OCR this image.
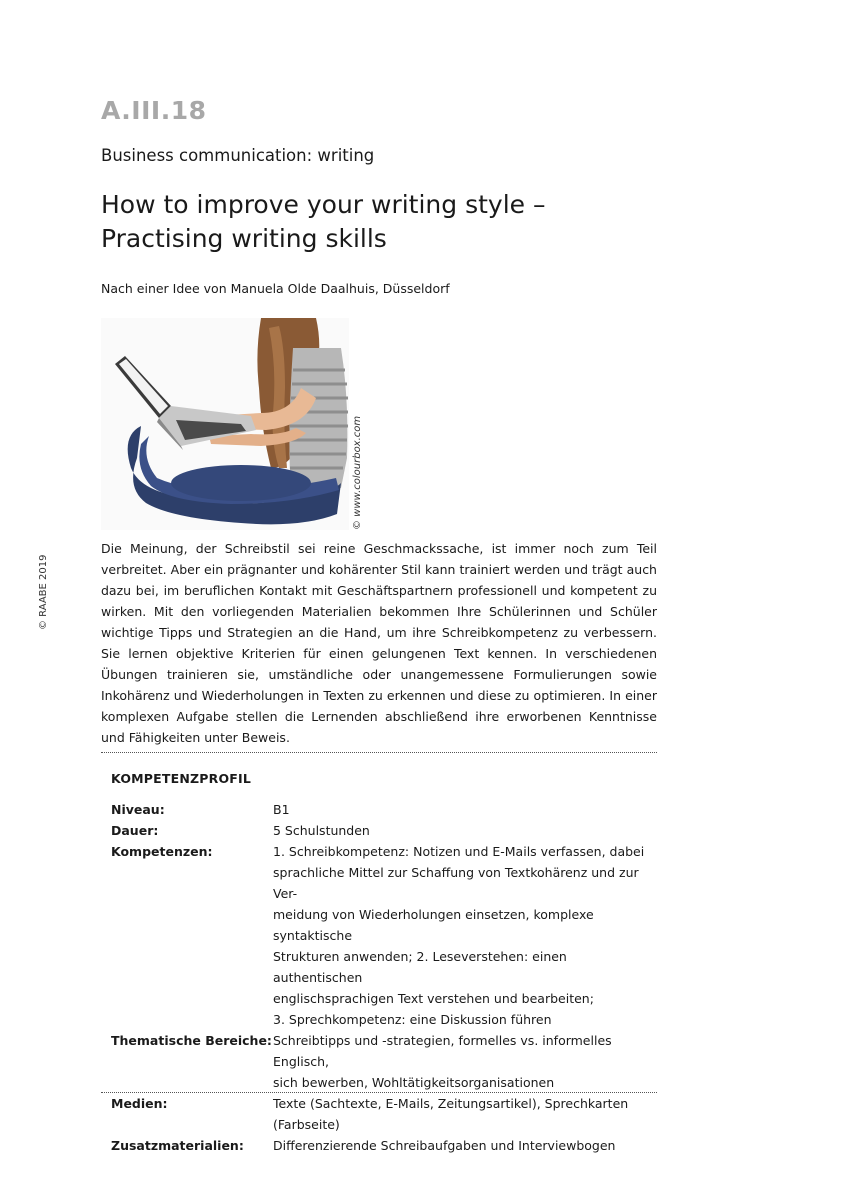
A.III.18
Business communication: writing
How to improve your writing style –
Practising writing skills
Nach einer Idee von Manuela Olde Daalhuis, Düsseldorf
© www.colourbox.com
© RAABE 2019

Die Meinung, der Schreibstil sei reine Geschmackssache, ist immer noch zum Teil verbreitet. Aber ein prägnanter und kohärenter Stil kann trainiert werden und trägt auch dazu bei, im beruflichen Kontakt mit Geschäftspartnern professionell und kompetent zu wirken. Mit den vorliegenden Materialien bekommen Ihre Schülerinnen und Schüler wichtige Tipps und Strategien an die Hand, um ihre Schreibkompetenz zu verbessern. Sie lernen objektive Kriterien für einen gelungenen Text kennen. In verschiedenen Übungen trainieren sie, umständliche oder unangemessene Formulierungen sowie Inkohärenz und Wiederholungen in Texten zu erkennen und diese zu optimieren. In einer komplexen Aufgabe stellen die Lernenden abschließend ihre erworbenen Kenntnisse und Fähigkeiten unter Beweis.

KOMPETENZPROFIL
Niveau:	B1
Dauer:	5 Schulstunden
Kompetenzen:	1. Schreibkompetenz: Notizen und E-Mails verfassen, dabei
sprachliche Mittel zur Schaffung von Textkohärenz und zur Ver-
meidung von Wiederholungen einsetzen, komplexe syntaktische
Strukturen anwenden; 2. Leseverstehen: einen authentischen
englischsprachigen Text verstehen und bearbeiten;
3. Sprechkompetenz: eine Diskussion führen
Thematische Bereiche: Schreibtipps und -strategien, formelles vs. informelles Englisch,
sich bewerben, Wohltätigkeitsorganisationen
Medien:	Texte (Sachtexte, E-Mails, Zeitungsartikel), Sprechkarten
(Farbseite)
Zusatzmaterialien:	Differenzierende Schreibaufgaben und Interviewbogen
